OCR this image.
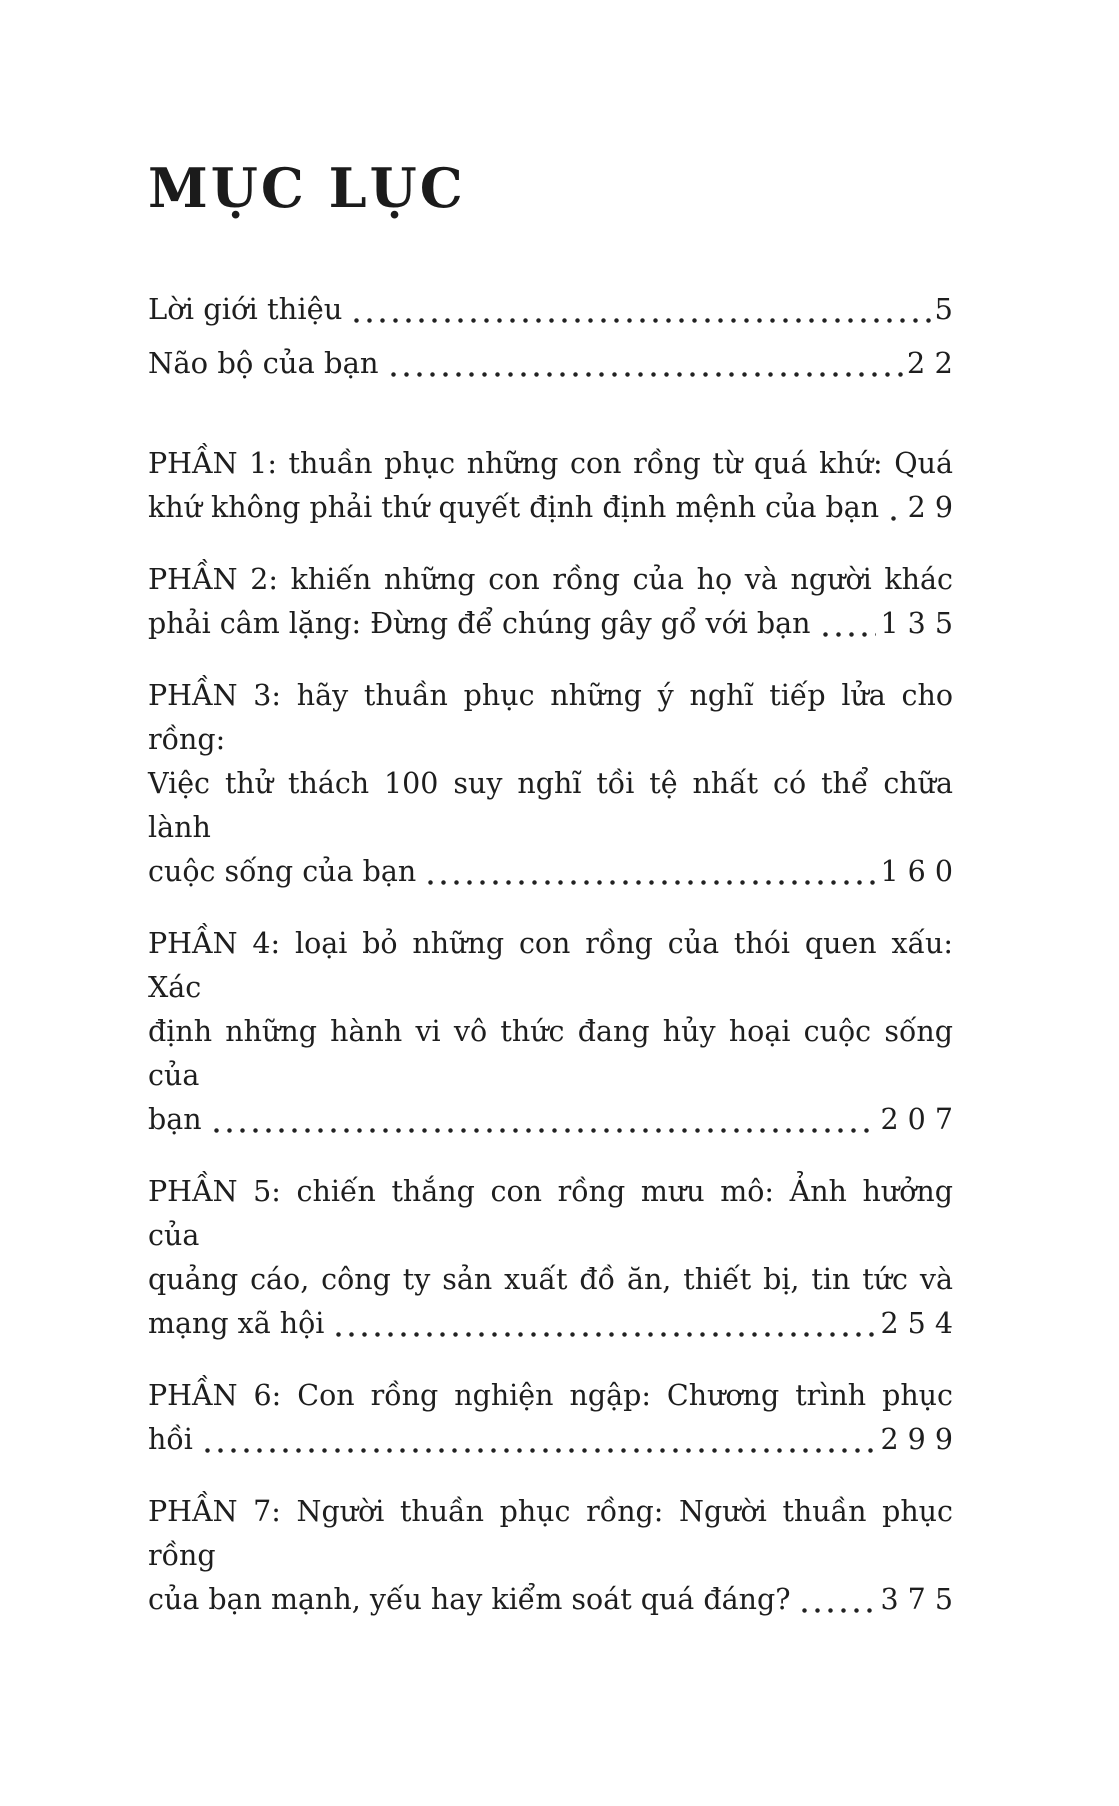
MỤC LỤC
Lời giới thiệu	5
Não bộ của bạn	2 2
PHẦN 1: thuần phục những con rồng từ quá khứ: Quá
khứ không phải thứ quyết định định mệnh của bạn 2 9
PHẦN 2: khiến những con rồng của họ và người khác
phải câm lặng: Đừng để chúng gây gổ với bạn 1 3 5
PHẦN 3: hãy thuần phục những ý nghĩ tiếp lửa cho rồng:
Việc thử thách 100 suy nghĩ tồi tệ nhất có thể chữa lành
cuộc sống của bạn	1 6 0
PHẦN 4: loại bỏ những con rồng của thói quen xấu: Xác
định những hành vi vô thức đang hủy hoại cuộc sống của
bạn	2 0 7
PHẦN 5: chiến thắng con rồng mưu mô: Ảnh hưởng của
quảng cáo, công ty sản xuất đồ ăn, thiết bị, tin tức và
mạng xã hội	2 5 4
PHẦN 6: Con rồng nghiện ngập: Chương trình phục
hồi	2 9 9
PHẦN 7: Người thuần phục rồng: Người thuần phục rồng
của bạn mạnh, yếu hay kiểm soát quá đáng?	3 7 5
